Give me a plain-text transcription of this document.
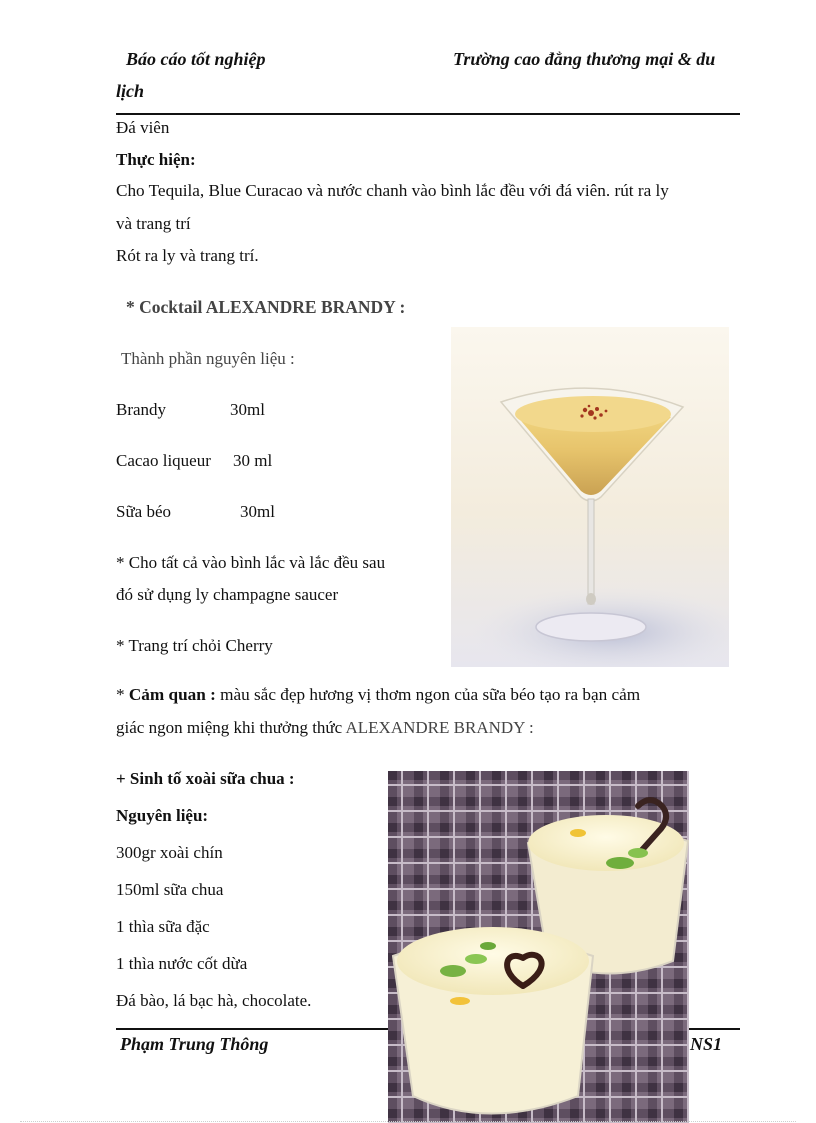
Báo cáo tốt nghiệp	Trường cao đẳng thương mại & du
lịch
Đá viên
Thực hiện:
Cho Tequila, Blue Curacao và nước chanh vào bình lắc đều với đá viên. rút ra ly
và trang trí
Rót ra ly và trang trí.
* Cocktail ALEXANDRE BRANDY :
Thành phần nguyên liệu :
Brandy	30ml
Cacao liqueur 30 ml
Sữa béo	30ml
* Cho tất cả vào bình lắc và lắc đều sau
đó sử dụng ly champagne saucer
* Trang trí chỏi Cherry
* Cảm quan : màu sắc đẹp hương vị thơm ngon của sữa béo tạo ra bạn cảm
giác ngon miệng khi thưởng thức ALEXANDRE BRANDY :
+ Sinh tố xoài sữa chua :
Nguyên liệu:
300gr xoài chín
150ml sữa chua
1 thìa sữa đặc
1 thìa nước cốt dừa
Đá bào, lá bạc hà, chocolate.
Phạm Trung Thông	NS1
